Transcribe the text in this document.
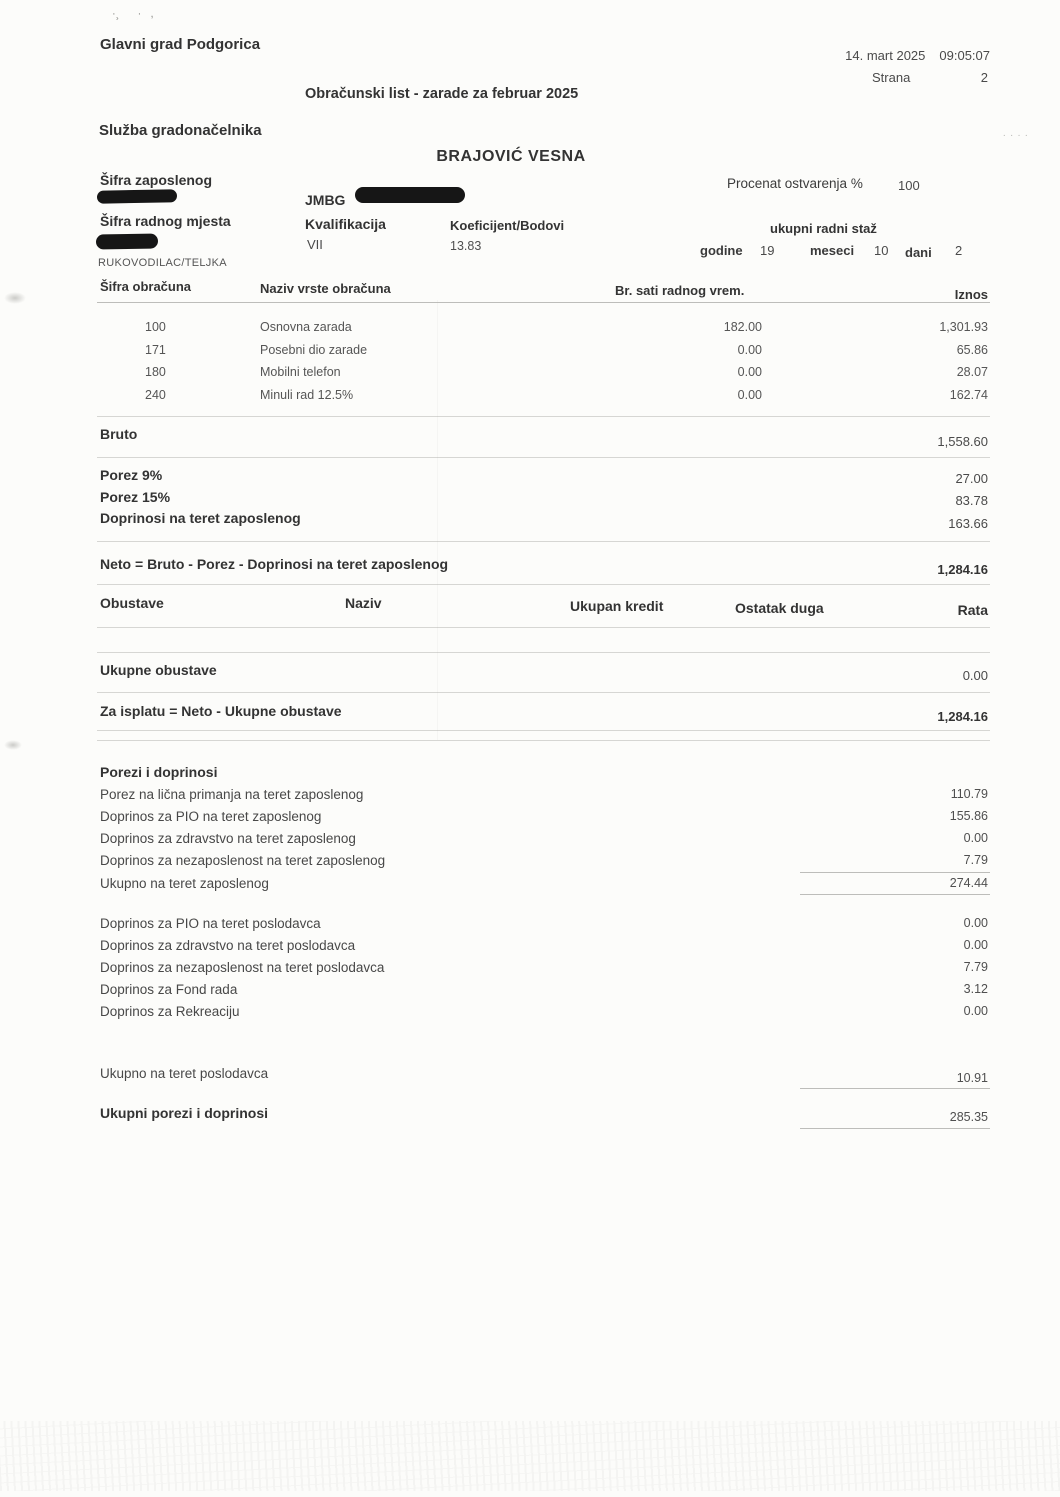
·¸      ·   ,
····
Glavni grad Podgorica
14. mart 2025 09:05:07
Strana	2
Obračunski list - zarade za februar 2025
Služba gradonačelnika
BRAJOVIĆ VESNA
Šifra zaposlenog
JMBG
Procenat ostvarenja %	100
Šifra radnog mjesta	Kvalifikacija
VII
Koeficijent/Bodovi
13.83
ukupni radni staž
godine 19	meseci 10 dani 2
RUKOVODILAC/TELJKA
Šifra obračuna	Naziv vrste obračuna	Br. sati radnog vrem.	Iznos
100	Osnovna zarada	182.00	1,301.93
171	Posebni dio zarade	0.00	65.86
180	Mobilni telefon	0.00	28.07
240	Minuli rad 12.5%	0.00	162.74
Bruto	1,558.60
Porez 9%	27.00
Porez 15%	83.78
Doprinosi na teret zaposlenog	163.66
Neto = Bruto - Porez - Doprinosi na teret zaposlenog	1,284.16
Obustave	Naziv	Ukupan kredit	Ostatak duga	Rata
Ukupne obustave	0.00
Za isplatu = Neto - Ukupne obustave	1,284.16
Porezi i doprinosi
Porez na lična primanja na teret zaposlenog	110.79
Doprinos za PIO na teret zaposlenog	155.86
Doprinos za zdravstvo na teret zaposlenog	0.00
Doprinos za nezaposlenost na teret zaposlenog	7.79
Ukupno na teret zaposlenog	274.44
Doprinos za PIO na teret poslodavca	0.00
Doprinos za zdravstvo na teret poslodavca	0.00
Doprinos za nezaposlenost na teret poslodavca	7.79
Doprinos za Fond rada	3.12
Doprinos za Rekreaciju	0.00
Ukupno na teret poslodavca	10.91
Ukupni porezi i doprinosi	285.35
